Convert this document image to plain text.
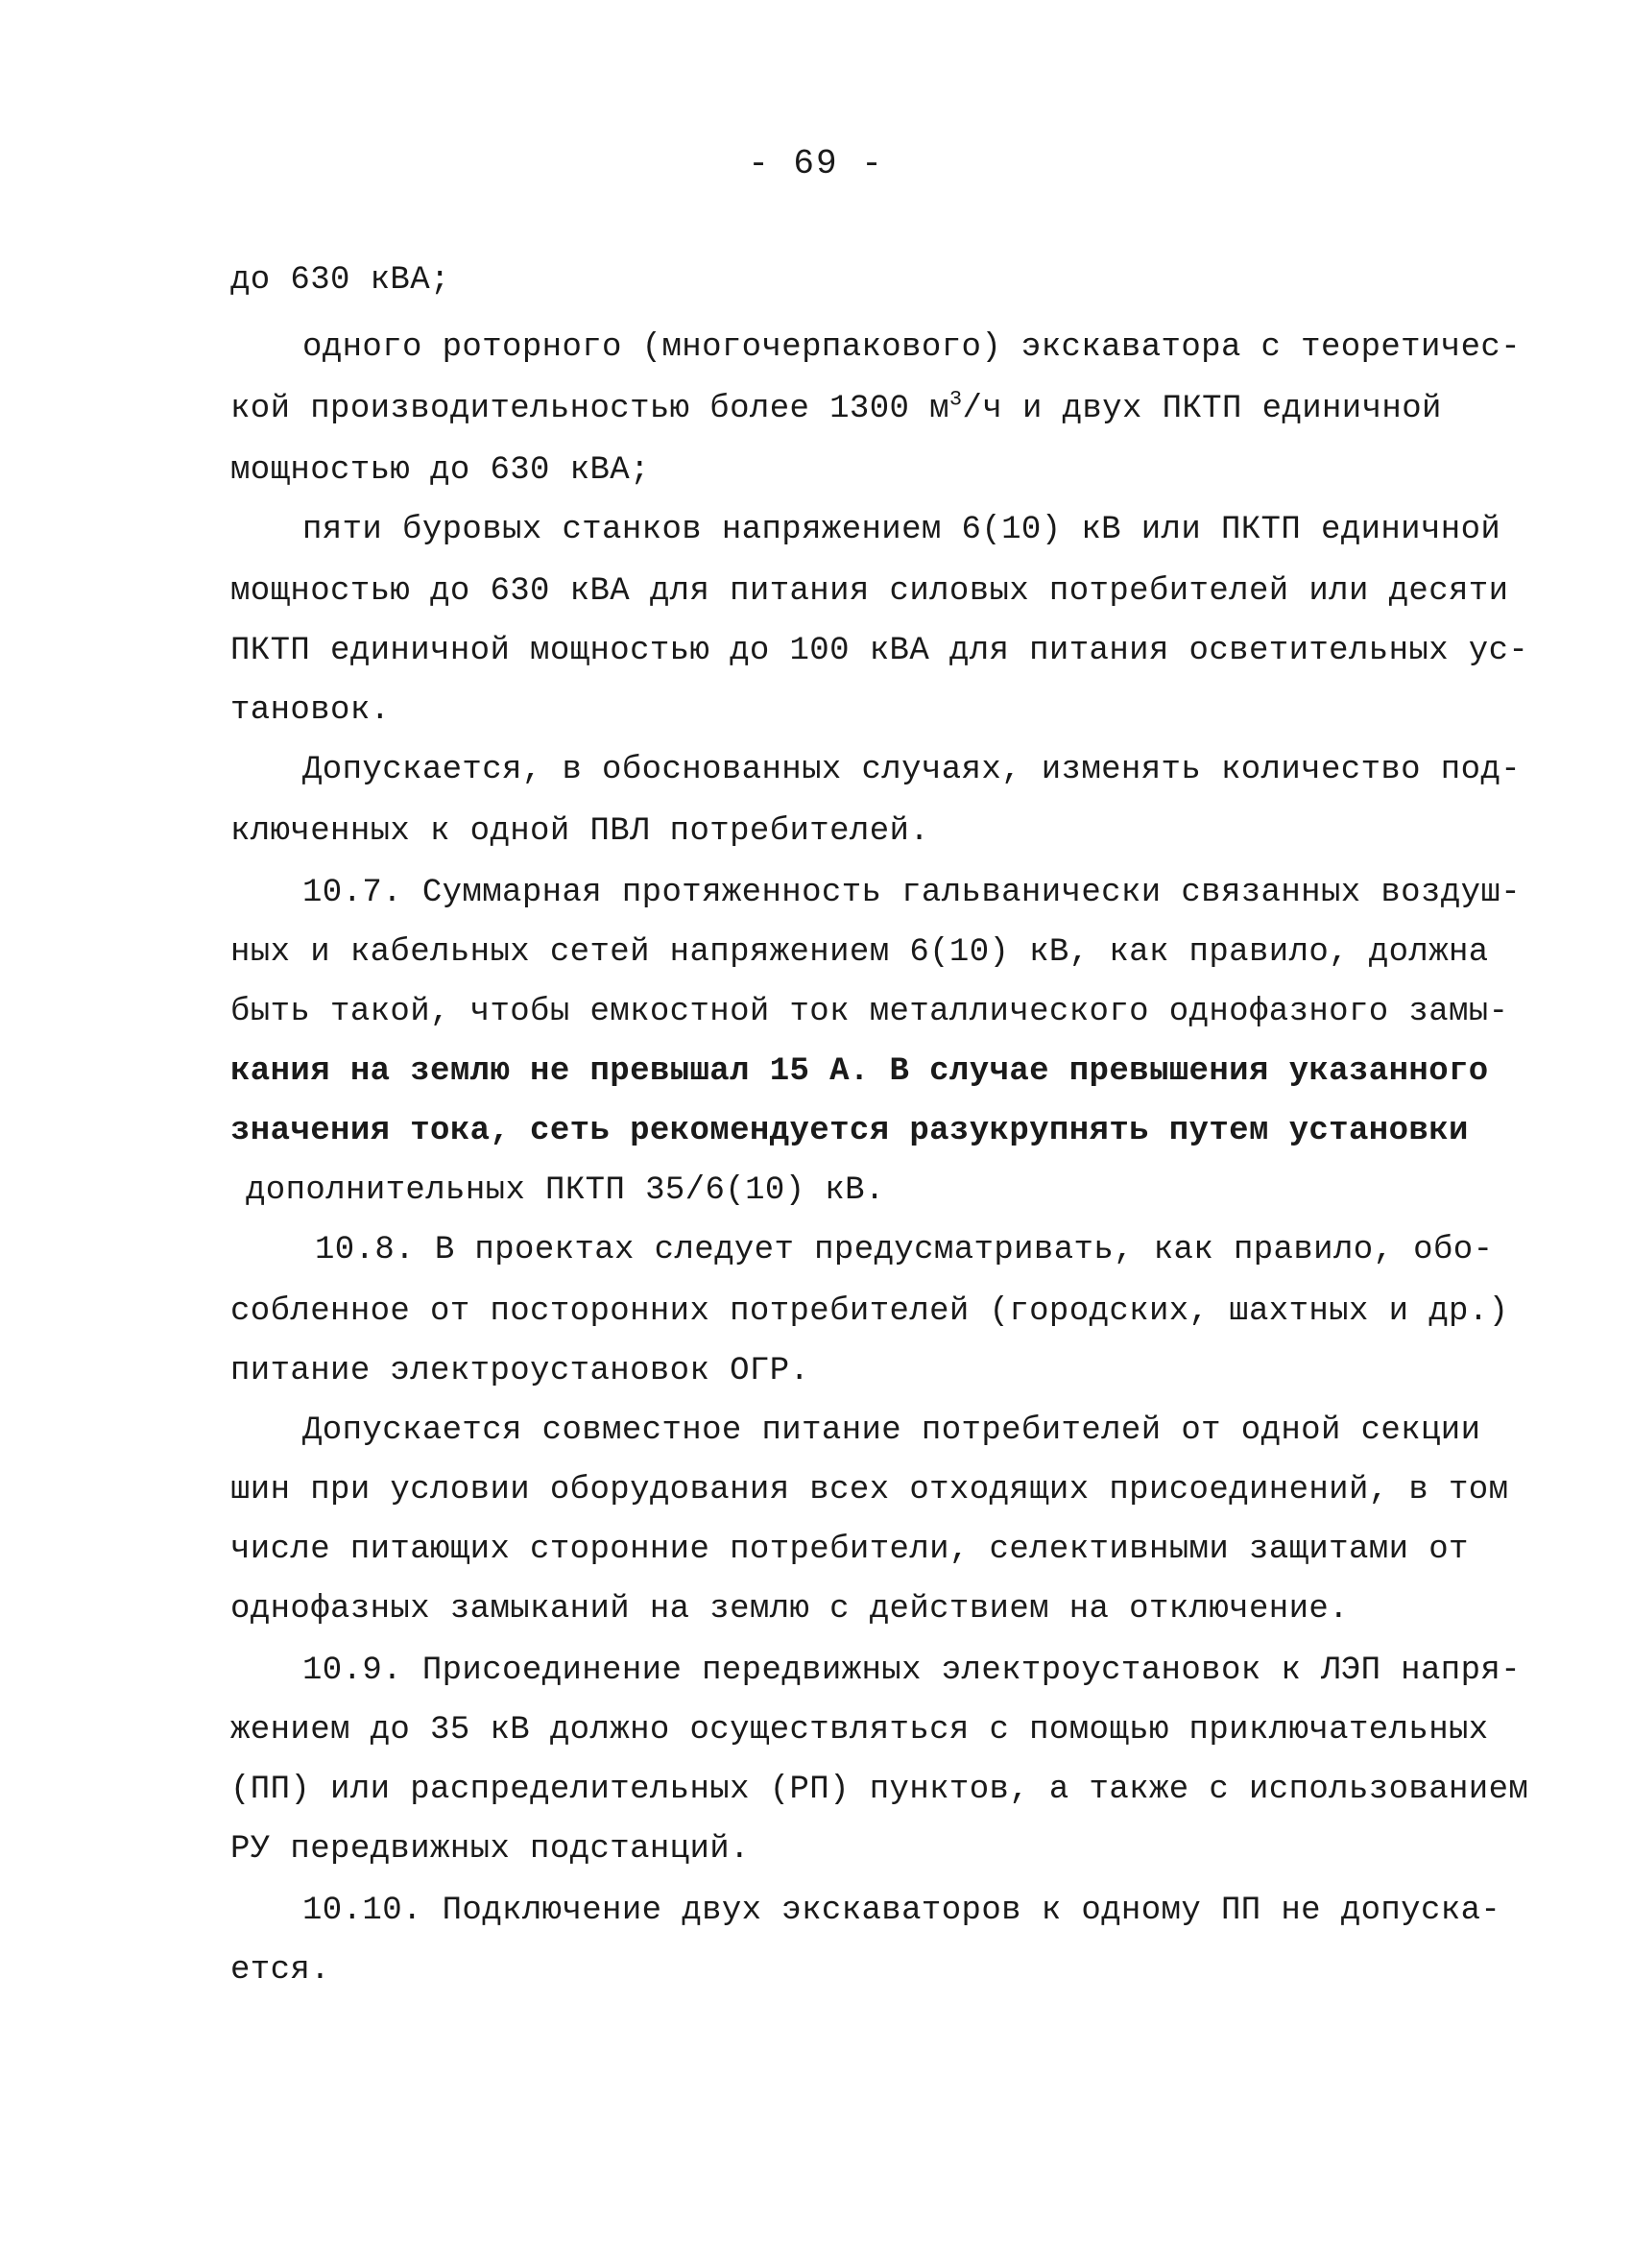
- 69 -
до 630 кВА;
одного роторного (многочерпакового) экскаватора с теоретичес-
кой производительностью более 1300 $м^3/ч$ и двух ПКТП единичной
мощностью до 630 кВА;
пяти буровых станков напряжением 6(10) кВ или ПКТП единичной
мощностью до 630 кВА для питания силовых потребителей или десяти
ПКТП единичной мощностью до 100 кВА для питания осветительных ус-
тановок.
Допускается, в обоснованных случаях, изменять количество под-
ключенных к одной ПВЛ потребителей.
10.7. Суммарная протяженность гальванически связанных воздуш-
ных и кабельных сетей напряжением 6(10) кВ, как правило, должна
быть такой, чтобы емкостной ток металлического однофазного замы-
кания на землю не превышал 15 А. В случае превышения указанного
значения тока, сеть рекомендуется разукрупнять путем установки
дополнительных ПКТП 35/6(10) кВ.
10.8. В проектах следует предусматривать, как правило, обо-
собленное от посторонних потребителей (городских, шахтных и др.)
питание электроустановок ОГР.
Допускается совместное питание потребителей от одной секции
шин при условии оборудования всех отходящих присоединений, в том
числе питающих сторонние потребители, селективными защитами от
однофазных замыканий на землю с действием на отключение.
10.9. Присоединение передвижных электроустановок к ЛЭП напря-
жением до 35 кВ должно осуществляться с помощью приключательных
(ПП) или распределительных (РП) пунктов, а также с использованием
РУ передвижных подстанций.
10.10. Подключение двух экскаваторов к одному ПП не допуска-
ется.
